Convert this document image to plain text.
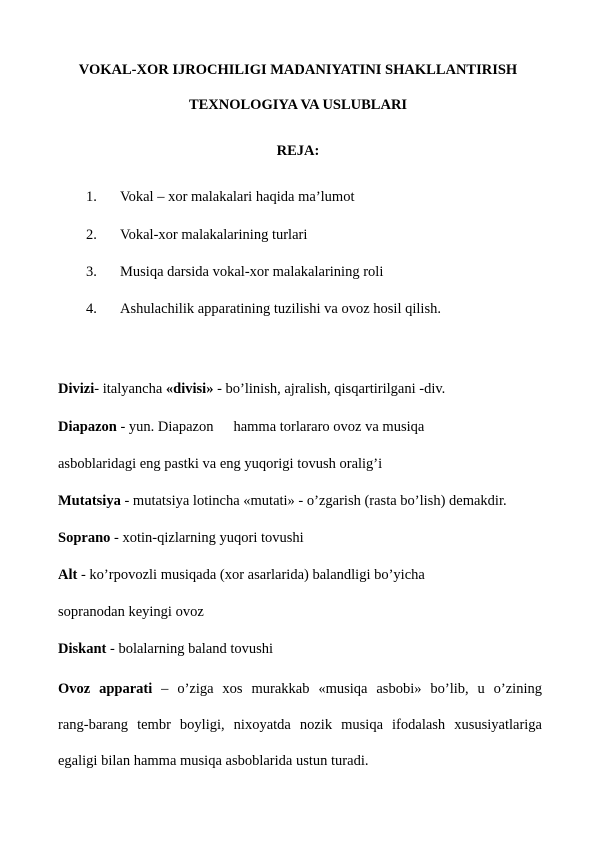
VOKAL-XOR IJROCHILIGI MADANIYATINI SHAKLLANTIRISH
TEXNOLOGIYA VA USLUBLARI
REJA:
1. Vokal – xor malakalari haqida ma’lumot
2. Vokal-xor malakalarining turlari
3. Musiqa darsida vokal-xor malakalarining roli
4. Ashulachilik apparatining tuzilishi va ovoz hosil qilish.
Divizi- italyancha «divisi» - bo’linish, ajralish, qisqartirilgani -div.
Diapazon - yun. Diapazon hamma torlararo ovoz va musiqa
asboblaridagi eng pastki va eng yuqorigi tovush oralig’i
Mutatsiya - mutatsiya lotincha «mutati» - o’zgarish (rasta bo’lish) demakdir.
Soprano - xotin-qizlarning yuqori tovushi
Alt - ko’rpovozli musiqada (xor asarlarida) balandligi bo’yicha
sopranodan keyingi ovoz
Diskant - bolalarning baland tovushi
Ovoz apparati – o’ziga xos murakkab «musiqa asbobi» bo’lib, u o’zining
rang-barang tembr boyligi, nixoyatda nozik musiqa ifodalash xususiyatlariga
egaligi bilan hamma musiqa asboblarida ustun turadi.
